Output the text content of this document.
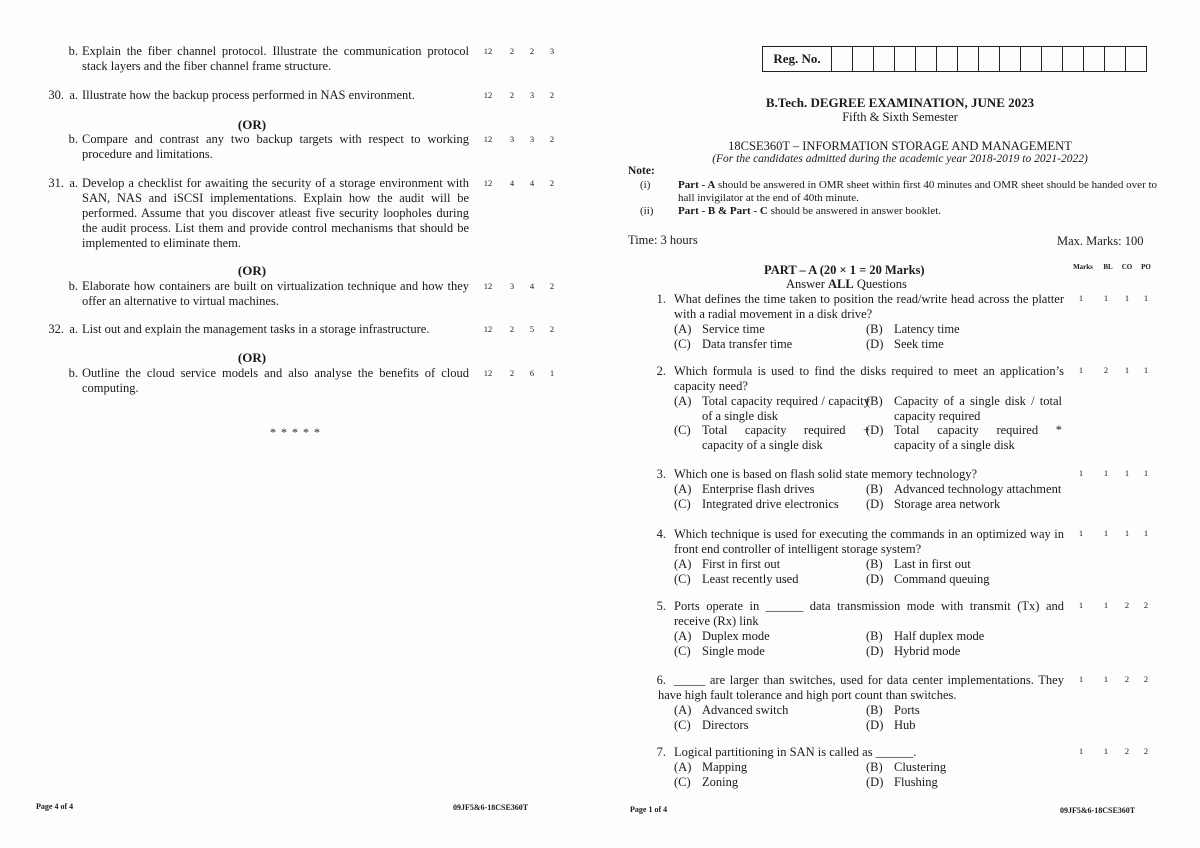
b. Explain the fiber channel protocol. Illustrate the communication protocol stack layers and the fiber channel frame structure.
12	2	2	3
30. a. Illustrate how the backup process performed in NAS environment.	12	2	3	2
b. Compare and contrast any two backup targets with respect to working procedure and limitations.
12	3	3	2
31. a. Develop a checklist for awaiting the security of a storage environment with SAN, NAS and iSCSI implementations. Explain how the audit will be performed. Assume that you discover atleast five security loopholes during the audit process. List them and provide control mechanisms that should be implemented to eliminate them.
12	4	4	2
b. Elaborate how containers are built on virtualization technique and how they offer an alternative to virtual machines.
12	3	4	2
32. a. List out and explain the management tasks in a storage infrastructure.	12	2	5	2
b. Outline the cloud service models and also analyse the benefits of cloud computing.
12	2	6	1
(OR)
(OR)
(OR)
* * * * *
Page 4 of 4	09JF5&6-18CSE360T
Reg. No.															
B.Tech. DEGREE EXAMINATION, JUNE 2023
Fifth & Sixth Semester
18CSE360T – INFORMATION STORAGE AND MANAGEMENT
(For the candidates admitted during the academic year 2018-2019 to 2021-2022)
Note:
(i)	Part - A should be answered in OMR sheet within first 40 minutes and OMR sheet should be handed over to hall invigilator at the end of 40th minute.
(ii) Part - B & Part - C should be answered in answer booklet.
Time: 3 hours	Max. Marks: 100
PART – A (20 × 1 = 20 Marks)
Answer ALL Questions
Marks	BL	CO	PO
1. What defines the time taken to position the read/write head across the platter with a radial movement in a disk drive?
1	1	1	1
(A) Service time	(B) Latency time
(C) Data transfer time	(D) Seek time
2. Which formula is used to find the disks required to meet an application’s capacity need?
1	2	1	1
(A) Total capacity required / capacity of a single disk
(B) Capacity of a single disk / total capacity required
(C) Total capacity required + capacity of a single disk
(D) Total capacity required * capacity of a single disk
3. Which one is based on flash solid state memory technology?	1	1	1	1
(A) Enterprise flash drives	(B) Advanced technology attachment
(C) Integrated drive electronics	(D) Storage area network
4. Which technique is used for executing the commands in an optimized way in front end controller of intelligent storage system?
1	1	1	1
(A) First in first out	(B) Last in first out
(C) Least recently used	(D) Command queuing
5. Ports operate in ______ data transmission mode with transmit (Tx) and receive (Rx) link
1	1	2	2
(A) Duplex mode	(B) Half duplex mode
(C) Single mode	(D) Hybrid mode
6. _____ are larger than switches, used for data center implementations. They have high fault tolerance and high port count than switches.
1	1	2	2
(A) Advanced switch	(B) Ports
(C) Directors	(D) Hub
7. Logical partitioning in SAN is called as ______.	1	1	2	2
(A) Mapping	(B) Clustering
(C) Zoning	(D) Flushing
Page 1 of 4	09JF5&6-18CSE360T
